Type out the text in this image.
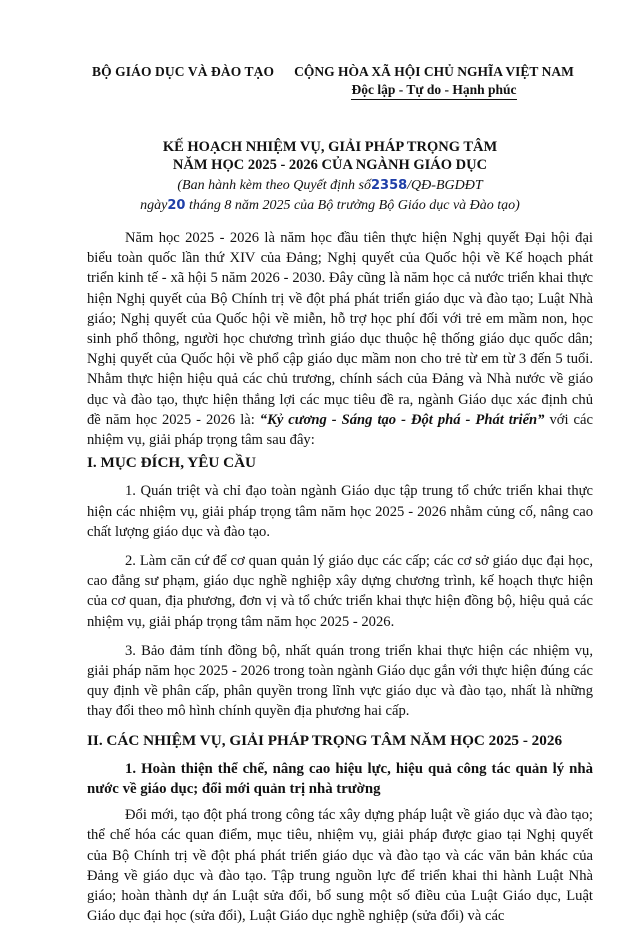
BỘ GIÁO DỤC VÀ ĐÀO TẠO	CỘNG HÒA XÃ HỘI CHỦ NGHĨA VIỆT NAM
Độc lập - Tự do - Hạnh phúc
KẾ HOẠCH NHIỆM VỤ, GIẢI PHÁP TRỌNG TÂM
NĂM HỌC 2025 - 2026 CỦA NGÀNH GIÁO DỤC
(Ban hành kèm theo Quyết định số2358/QĐ-BGDĐT
ngày20 tháng 8 năm 2025 của Bộ trưởng Bộ Giáo dục và Đào tạo)

Năm học 2025 - 2026 là năm học đầu tiên thực hiện Nghị quyết Đại hội đại biểu toàn quốc lần thứ XIV của Đảng; Nghị quyết của Quốc hội về Kế hoạch phát triển kinh tế - xã hội 5 năm 2026 - 2030. Đây cũng là năm học cả nước triển khai thực hiện Nghị quyết của Bộ Chính trị về đột phá phát triển giáo dục và đào tạo; Luật Nhà giáo; Nghị quyết của Quốc hội về miễn, hỗ trợ học phí đối với trẻ em mầm non, học sinh phổ thông, người học chương trình giáo dục thuộc hệ thống giáo dục quốc dân; Nghị quyết của Quốc hội về phổ cập giáo dục mầm non cho trẻ từ em từ 3 đến 5 tuổi. Nhằm thực hiện hiệu quả các chủ trương, chính sách của Đảng và Nhà nước về giáo dục và đào tạo, thực hiện thắng lợi các mục tiêu đề ra, ngành Giáo dục xác định chủ đề năm học 2025 - 2026 là: “Kỷ cương - Sáng tạo - Đột phá - Phát triển” với các nhiệm vụ, giải pháp trọng tâm sau đây:

I. MỤC ĐÍCH, YÊU CẦU

1. Quán triệt và chỉ đạo toàn ngành Giáo dục tập trung tổ chức triển khai thực hiện các nhiệm vụ, giải pháp trọng tâm năm học 2025 - 2026 nhằm củng cố, nâng cao chất lượng giáo dục và đào tạo.

2. Làm căn cứ để cơ quan quản lý giáo dục các cấp; các cơ sở giáo dục đại học, cao đẳng sư phạm, giáo dục nghề nghiệp xây dựng chương trình, kế hoạch thực hiện của cơ quan, địa phương, đơn vị và tổ chức triển khai thực hiện đồng bộ, hiệu quả các nhiệm vụ, giải pháp trọng tâm năm học 2025 - 2026.

3. Bảo đảm tính đồng bộ, nhất quán trong triển khai thực hiện các nhiệm vụ, giải pháp năm học 2025 - 2026 trong toàn ngành Giáo dục gắn với thực hiện đúng các quy định về phân cấp, phân quyền trong lĩnh vực giáo dục và đào tạo, nhất là những thay đổi theo mô hình chính quyền địa phương hai cấp.

II. CÁC NHIỆM VỤ, GIẢI PHÁP TRỌNG TÂM NĂM HỌC 2025 - 2026
1. Hoàn thiện thể chế, nâng cao hiệu lực, hiệu quả công tác quản lý nhà nước về giáo dục; đổi mới quản trị nhà trường

Đổi mới, tạo đột phá trong công tác xây dựng pháp luật về giáo dục và đào tạo; thể chế hóa các quan điểm, mục tiêu, nhiệm vụ, giải pháp được giao tại Nghị quyết của Bộ Chính trị về đột phá phát triển giáo dục và đào tạo và các văn bản khác của Đảng về giáo dục và đào tạo. Tập trung nguồn lực để triển khai thi hành Luật Nhà giáo; hoàn thành dự án Luật sửa đổi, bổ sung một số điều của Luật Giáo dục, Luật Giáo dục đại học (sửa đổi), Luật Giáo dục nghề nghiệp (sửa đổi) và các
